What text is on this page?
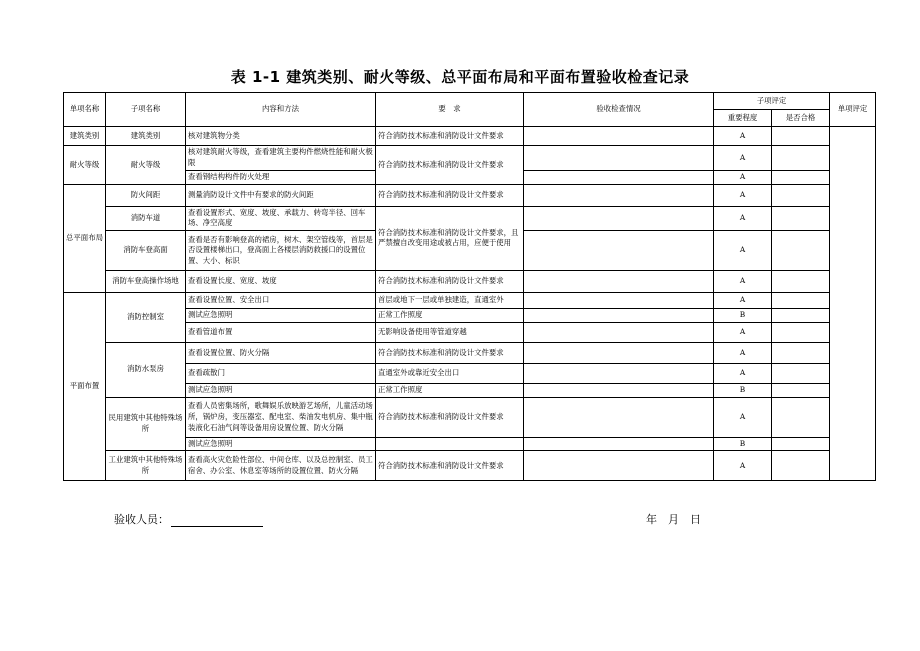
表 1-1 建筑类别、耐火等级、总平面布局和平面布置验收检查记录
单项名称	子项名称	内容和方法	要　求	验收检查情况	子项评定		单项评定
					重要程度	是否合格	
建筑类别	建筑类别	核对建筑物分类	符合消防技术标准和消防设计文件要求		A		
耐火等级	耐火等级	核对建筑耐火等级，查看建筑主要构件燃烧性能和耐火极限	符合消防技术标准和消防设计文件要求		A		
		查看钢结构构件防火处理			A		
总平面布局	防火间距	测量消防设计文件中有要求的防火间距	符合消防技术标准和消防设计文件要求		A		
	消防车道	查看设置形式、宽度、坡度、承载力、转弯半径、回车场、净空高度	符合消防技术标准和消防设计文件要求，且严禁擅自改变用途或被占用，应便于使用		A		
	消防车登高面	查看是否有影响登高的裙房，树木、架空管线等，首层是否设置楼梯出口，登高面上各楼层消防救援口的设置位置、大小、标识			A		
	消防车登高操作场地	查看设置长度、宽度、坡度	符合消防技术标准和消防设计文件要求		A		
平面布置	消防控制室	查看设置位置、安全出口	首层或地下一层或单独建造，直通室外		A		
		测试应急照明	正常工作照度		B		
		查看管道布置	无影响设备使用等管道穿越		A		
	消防水泵房	查看设置位置、防火分隔	符合消防技术标准和消防设计文件要求		A		
		查看疏散门	直通室外或靠近安全出口		A		
		测试应急照明	正常工作照度		B		
	民用建筑中其他特殊场所	查看人员密集场所，歌舞娱乐放映游艺场所，儿童活动场所，锅炉房，变压器室、配电室、柴油发电机房、集中瓶装液化石油气间等设备用房设置位置、防火分隔	符合消防技术标准和消防设计文件要求		A		
		测试应急照明			B		
	工业建筑中其他特殊场所	查看高火灾危险性部位、中间仓库、以及总控制室、员工宿舍、办公室、休息室等场所的设置位置、防火分隔	符合消防技术标准和消防设计文件要求		A		
验收人员：	年　月　日
